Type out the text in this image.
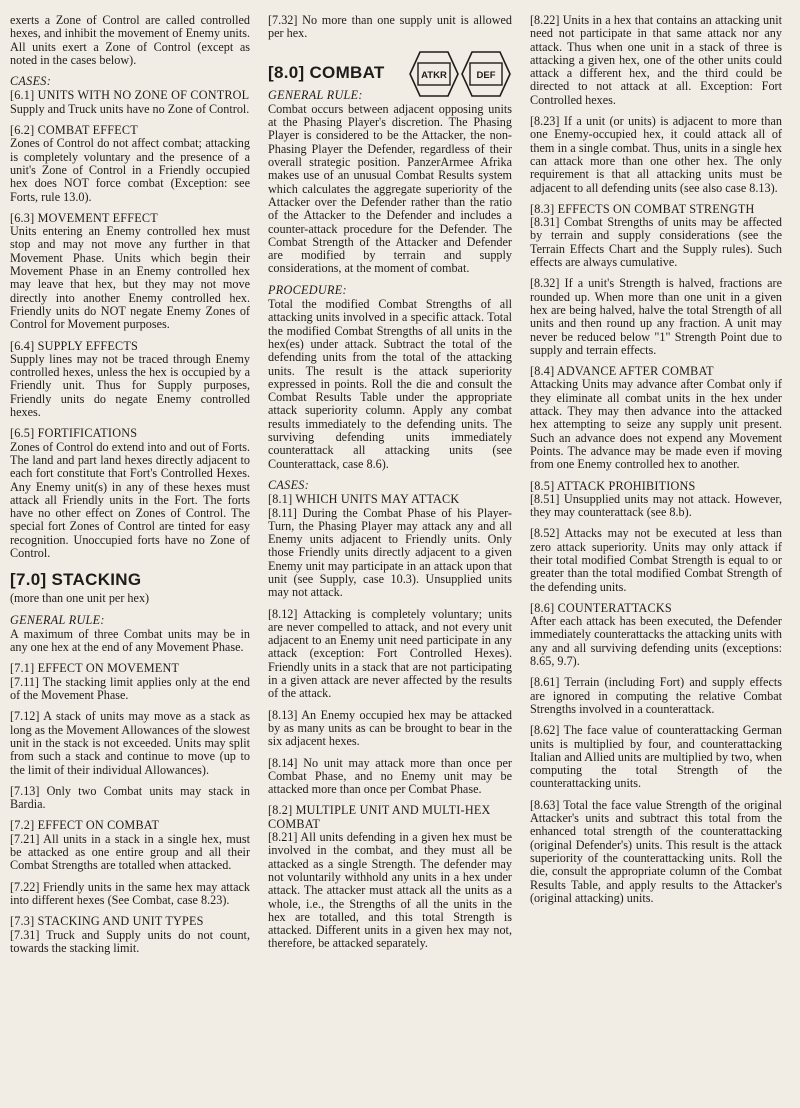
exerts a Zone of Control are called controlled hexes, and inhibit the movement of Enemy units. All units exert a Zone of Control (except as noted in the cases below).

CASES:
[6.1] UNITS WITH NO ZONE OF CONTROL

Supply and Truck units have no Zone of Control.

[6.2] COMBAT EFFECT

Zones of Control do not affect combat; attacking is completely voluntary and the presence of a unit's Zone of Control in a Friendly occupied hex does NOT force combat (Exception: see Forts, rule 13.0).

[6.3] MOVEMENT EFFECT

Units entering an Enemy controlled hex must stop and may not move any further in that Movement Phase. Units which begin their Movement Phase in an Enemy controlled hex may leave that hex, but they may not move directly into another Enemy controlled hex. Friendly units do NOT negate Enemy Zones of Control for Movement purposes.

[6.4] SUPPLY EFFECTS

Supply lines may not be traced through Enemy controlled hexes, unless the hex is occupied by a Friendly unit. Thus for Supply purposes, Friendly units do negate Enemy controlled hexes.

[6.5] FORTIFICATIONS

Zones of Control do extend into and out of Forts. The land and part land hexes directly adjacent to each fort constitute that Fort's Controlled Hexes. Any Enemy unit(s) in any of these hexes must attack all Friendly units in the Fort. The forts have no other effect on Zones of Control. The special fort Zones of Control are tinted for easy recognition. Unoccupied forts have no Zone of Control.

[7.0] STACKING

(more than one unit per hex)

GENERAL RULE:

A maximum of three Combat units may be in any one hex at the end of any Movement Phase.

[7.1] EFFECT ON MOVEMENT

[7.11] The stacking limit applies only at the end of the Movement Phase.

[7.12] A stack of units may move as a stack as long as the Movement Allowances of the slowest unit in the stack is not exceeded. Units may split from such a stack and continue to move (up to the limit of their individual Allowances).

[7.13] Only two Combat units may stack in Bardia.

[7.2] EFFECT ON COMBAT

[7.21] All units in a stack in a single hex, must be attacked as one entire group and all their Combat Strengths are totalled when attacked.

[7.22] Friendly units in the same hex may attack into different hexes (See Combat, case 8.23).

[7.3] STACKING AND UNIT TYPES

[7.31] Truck and Supply units do not count, towards the stacking limit.

[7.32] No more than one supply unit is allowed per hex.

[8.0] COMBAT
GENERAL RULE:

Combat occurs between adjacent opposing units at the Phasing Player's discretion. The Phasing Player is considered to be the Attacker, the non-Phasing Player the Defender, regardless of their overall strategic position. PanzerArmee Afrika makes use of an unusual Combat Results system which calculates the aggregate superiority of the Attacker over the Defender rather than the ratio of the Attacker to the Defender and includes a counter-attack procedure for the Defender. The Combat Strength of the Attacker and Defender are modified by terrain and supply considerations, at the moment of combat.

PROCEDURE:

Total the modified Combat Strengths of all attacking units involved in a specific attack. Total the modified Combat Strengths of all units in the hex(es) under attack. Subtract the total of the defending units from the total of the attacking units. The result is the attack superiority expressed in points. Roll the die and consult the Combat Results Table under the appropriate attack superiority column. Apply any combat results immediately to the defending units. The surviving defending units immediately counterattack all attacking units (see Counterattack, case 8.6).

CASES:
[8.1] WHICH UNITS MAY ATTACK

[8.11] During the Combat Phase of his Player-Turn, the Phasing Player may attack any and all Enemy units adjacent to Friendly units. Only those Friendly units directly adjacent to a given Enemy unit may participate in an attack upon that unit (see Supply, case 10.3). Unsupplied units may not attack.

[8.12] Attacking is completely voluntary; units are never compelled to attack, and not every unit adjacent to an Enemy unit need participate in any attack (exception: Fort Controlled Hexes). Friendly units in a stack that are not participating in a given attack are never affected by the results of the attack.

[8.13] An Enemy occupied hex may be attacked by as many units as can be brought to bear in the six adjacent hexes.

[8.14] No unit may attack more than once per Combat Phase, and no Enemy unit may be attacked more than once per Combat Phase.

[8.2] MULTIPLE UNIT AND MULTI-HEX COMBAT

[8.21] All units defending in a given hex must be involved in the combat, and they must all be attacked as a single Strength. The defender may not voluntarily withhold any units in a hex under attack. The attacker must attack all the units as a whole, i.e., the Strengths of all the units in the hex are totalled, and this total Strength is attacked. Different units in a given hex may not, therefore, be attacked separately.

[8.22] Units in a hex that contains an attacking unit need not participate in that same attack nor any attack. Thus when one unit in a stack of three is attacking a given hex, one of the other units could attack a different hex, and the third could be directed to not attack at all. Exception: Fort Controlled hexes.

[8.23] If a unit (or units) is adjacent to more than one Enemy-occupied hex, it could attack all of them in a single combat. Thus, units in a single hex can attack more than one other hex. The only requirement is that all attacking units must be adjacent to all defending units (see also case 8.13).

[8.3] EFFECTS ON COMBAT STRENGTH

[8.31] Combat Strengths of units may be affected by terrain and supply considerations (see the Terrain Effects Chart and the Supply rules). Such effects are always cumulative.

[8.32] If a unit's Strength is halved, fractions are rounded up. When more than one unit in a given hex are being halved, halve the total Strength of all units and then round up any fraction. A unit may never be reduced below "1" Strength Point due to supply and terrain effects.

[8.4] ADVANCE AFTER COMBAT

Attacking Units may advance after Combat only if they eliminate all combat units in the hex under attack. They may then advance into the attacked hex attempting to seize any supply unit present. Such an advance does not expend any Movement Points. The advance may be made even if moving from one Enemy controlled hex to another.

[8.5] ATTACK PROHIBITIONS

[8.51] Unsupplied units may not attack. However, they may counterattack (see 8.b).

[8.52] Attacks may not be executed at less than zero attack superiority. Units may only attack if their total modified Combat Strength is equal to or greater than the total modified Combat Strength of the defending units.

[8.6] COUNTERATTACKS

After each attack has been executed, the Defender immediately counterattacks the attacking units with any and all surviving defending units (exceptions: 8.65, 9.7).

[8.61] Terrain (including Fort) and supply effects are ignored in computing the relative Combat Strengths involved in a counterattack.

[8.62] The face value of counterattacking German units is multiplied by four, and counterattacking Italian and Allied units are multiplied by two, when computing the total Strength of the counterattacking units.

[8.63] Total the face value Strength of the original Attacker's units and subtract this total from the enhanced total strength of the counterattacking (original Defender's) units. This result is the attack superiority of the counterattacking units. Roll the die, consult the appropriate column of the Combat Results Table, and apply results to the Attacker's (original attacking) units.

ATKR	DEF
